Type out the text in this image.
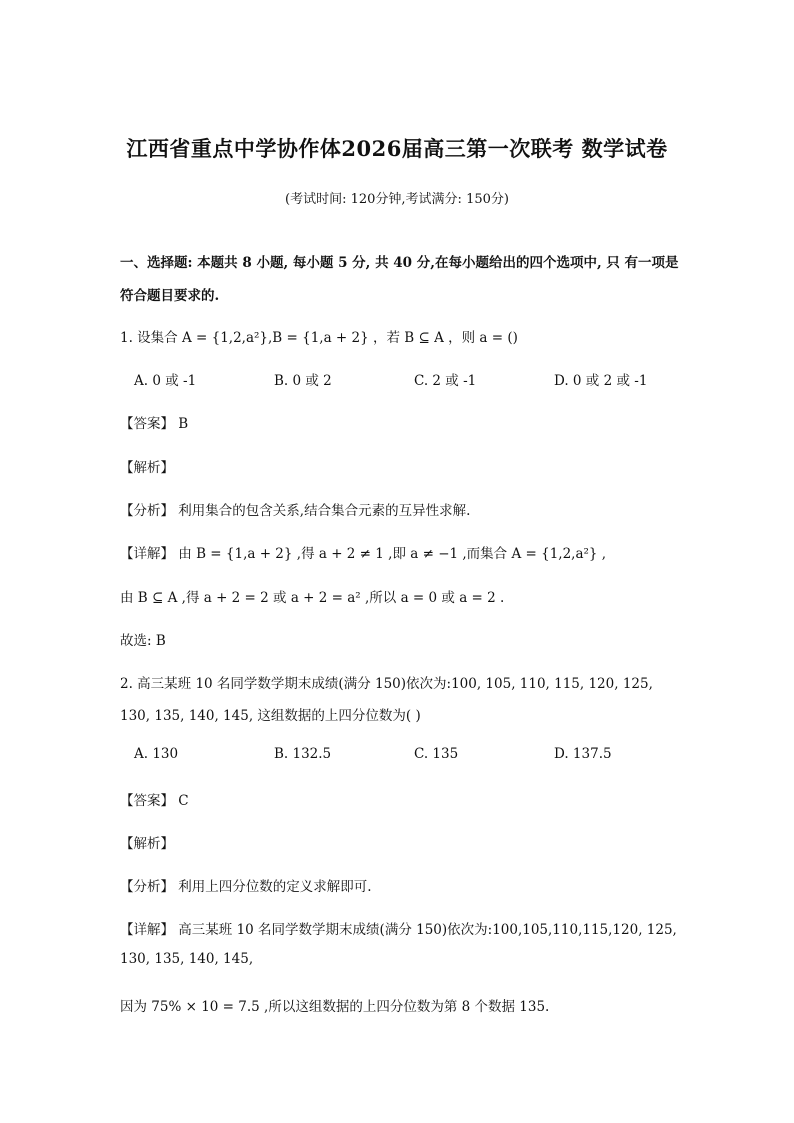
江西省重点中学协作体2026届高三第一次联考 数学试卷
(考试时间: 120分钟,考试满分: 150分)
一、选择题: 本题共 8 小题, 每小题 5 分, 共 40 分,在每小题给出的四个选项中, 只 有一项是
符合题目要求的.
1. 设集合 A = {1,2,a²},B = {1,a + 2} ，若 B ⊆ A ，则 a = ()
A. 0 或 -1	B. 0 或 2	C. 2 或 -1	D. 0 或 2 或 -1
【答案】 B
【解析】
【分析】 利用集合的包含关系,结合集合元素的互异性求解.
【详解】 由 B = {1,a + 2} ,得 a + 2 ≠ 1 ,即 a ≠ −1 ,而集合 A = {1,2,a²} ,
由 B ⊆ A ,得 a + 2 = 2 或 a + 2 = a² ,所以 a = 0 或 a = 2 .
故选: B
2. 高三某班 10 名同学数学期末成绩(满分 150)依次为:100, 105, 110, 115, 120, 125,
130, 135, 140, 145, 这组数据的上四分位数为( )
A. 130	B. 132.5	C. 135	D. 137.5
【答案】 C
【解析】
【分析】 利用上四分位数的定义求解即可.
【详解】 高三某班 10 名同学数学期末成绩(满分 150)依次为:100,105,110,115,120, 125,
130, 135, 140, 145,
因为 75% × 10 = 7.5 ,所以这组数据的上四分位数为第 8 个数据 135.
